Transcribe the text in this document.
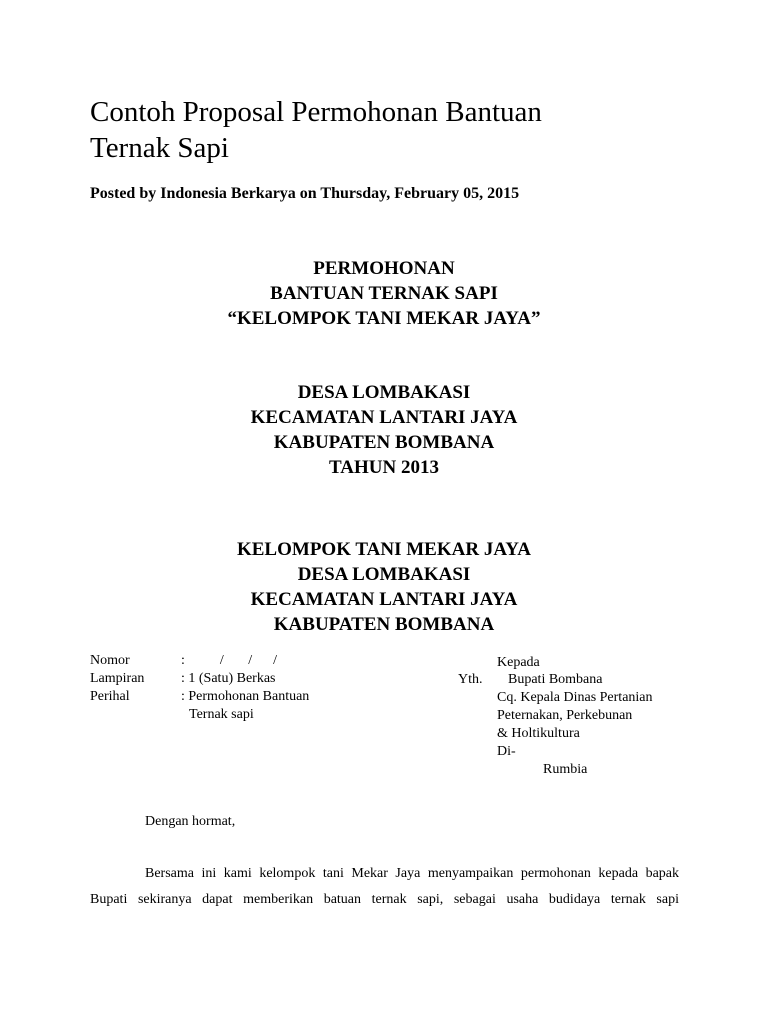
Contoh Proposal Permohonan Bantuan
Ternak Sapi
Posted by Indonesia Berkarya on Thursday, February 05, 2015
PERMOHONAN
BANTUAN TERNAK SAPI
“KELOMPOK TANI MEKAR JAYA”
DESA LOMBAKASI
KECAMATAN LANTARI JAYA
KABUPATEN BOMBANA
TAHUN 2013
KELOMPOK TANI MEKAR JAYA
DESA LOMBAKASI
KECAMATAN LANTARI JAYA
KABUPATEN BOMBANA
Nomor	:          /       /      /
Lampiran	: 1 (Satu) Berkas
Perihal	: Permohonan Bantuan
Ternak sapi
Kepada
Yth. Bupati Bombana
Cq. Kepala Dinas Pertanian
Peternakan, Perkebunan
& Holtikultura
Di-
Rumbia
Dengan hormat,
Bersama ini kami kelompok tani Mekar Jaya menyampaikan permohonan kepada bapak
Bupati sekiranya dapat memberikan batuan ternak sapi, sebagai usaha budidaya ternak sapi
